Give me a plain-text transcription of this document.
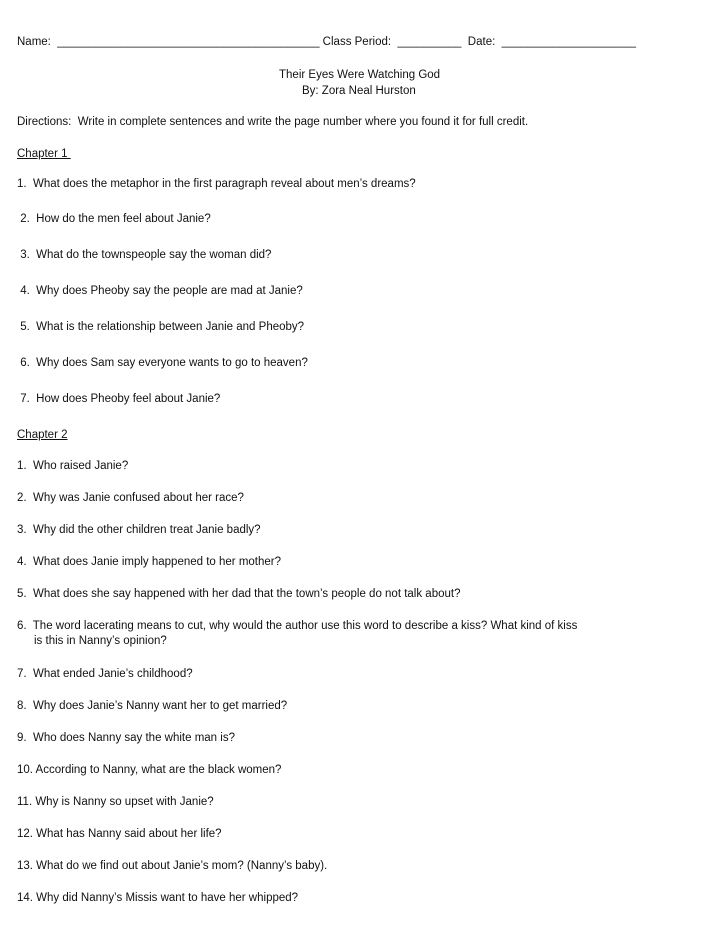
Name:  _________________________________________ Class Period:  __________  Date:  _____________________
Their Eyes Were Watching God
By: Zora Neal Hurston
Directions:  Write in complete sentences and write the page number where you found it for full credit.
Chapter 1
1.  What does the metaphor in the first paragraph reveal about men’s dreams?
2.  How do the men feel about Janie?
3.  What do the townspeople say the woman did?
4.  Why does Pheoby say the people are mad at Janie?
5.  What is the relationship between Janie and Pheoby?
6.  Why does Sam say everyone wants to go to heaven?
7.  How does Pheoby feel about Janie?
Chapter 2
1.  Who raised Janie?
2.  Why was Janie confused about her race?
3.  Why did the other children treat Janie badly?
4.  What does Janie imply happened to her mother?
5.  What does she say happened with her dad that the town’s people do not talk about?
6.  The word lacerating means to cut, why would the author use this word to describe a kiss? What kind of kiss
is this in Nanny’s opinion?
7.  What ended Janie’s childhood?
8.  Why does Janie’s Nanny want her to get married?
9.  Who does Nanny say the white man is?
10. According to Nanny, what are the black women?
11. Why is Nanny so upset with Janie?
12. What has Nanny said about her life?
13. What do we find out about Janie’s mom? (Nanny’s baby).
14. Why did Nanny’s Missis want to have her whipped?
